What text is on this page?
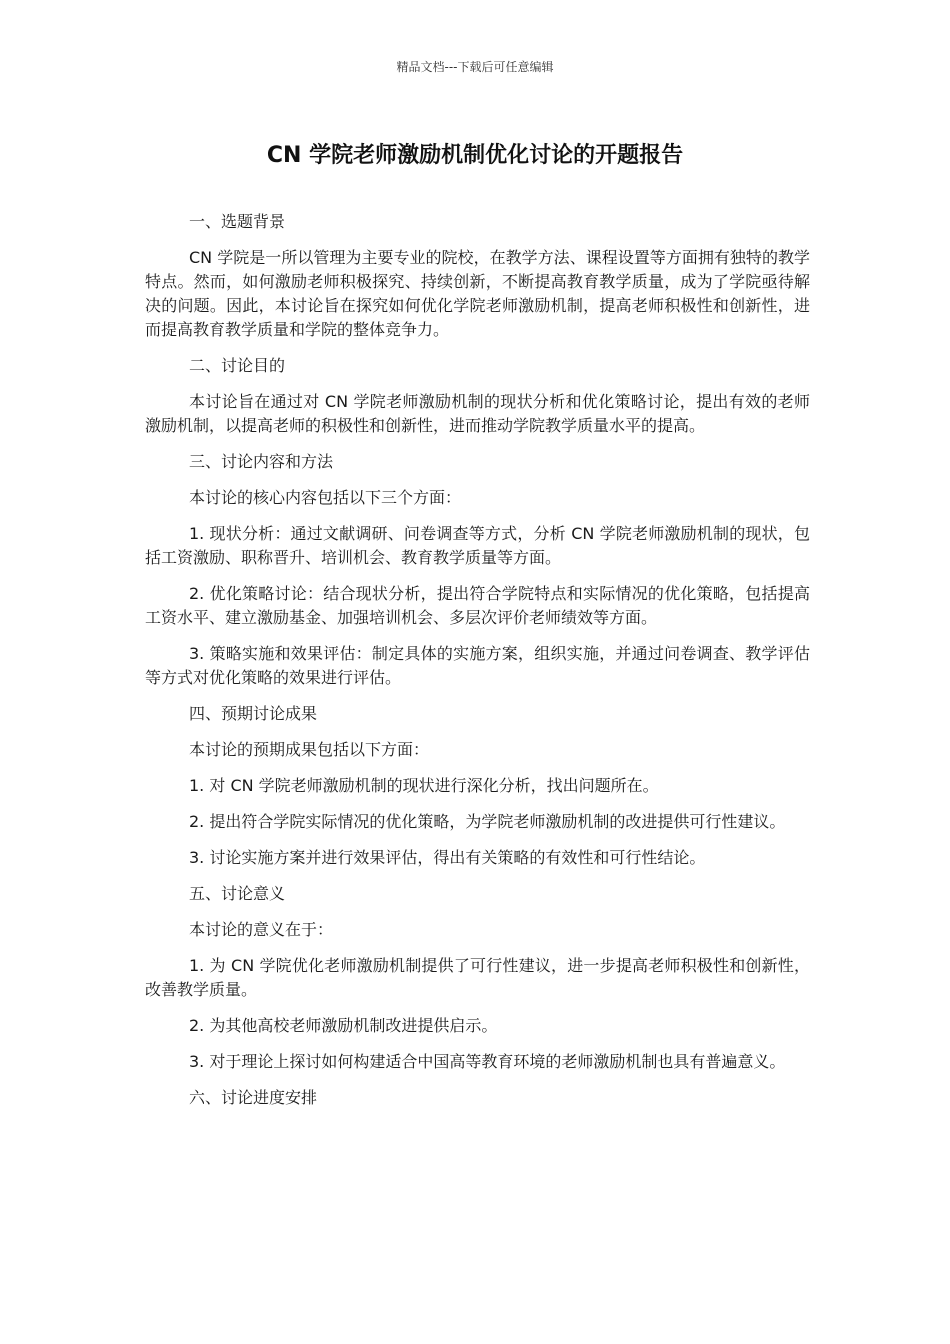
精品文档---下载后可任意编辑
CN 学院老师激励机制优化讨论的开题报告

一、选题背景

CN 学院是一所以管理为主要专业的院校，在教学方法、课程设置等方面拥有独特的教学特点。然而，如何激励老师积极探究、持续创新，不断提高教育教学质量，成为了学院亟待解决的问题。因此，本讨论旨在探究如何优化学院老师激励机制，提高老师积极性和创新性，进而提高教育教学质量和学院的整体竞争力。

二、讨论目的

本讨论旨在通过对 CN 学院老师激励机制的现状分析和优化策略讨论，提出有效的老师激励机制，以提高老师的积极性和创新性，进而推动学院教学质量水平的提高。

三、讨论内容和方法

本讨论的核心内容包括以下三个方面：

1. 现状分析：通过文献调研、问卷调查等方式，分析 CN 学院老师激励机制的现状，包括工资激励、职称晋升、培训机会、教育教学质量等方面。

2. 优化策略讨论：结合现状分析，提出符合学院特点和实际情况的优化策略，包括提高工资水平、建立激励基金、加强培训机会、多层次评价老师绩效等方面。

3. 策略实施和效果评估：制定具体的实施方案，组织实施，并通过问卷调查、教学评估等方式对优化策略的效果进行评估。

四、预期讨论成果

本讨论的预期成果包括以下方面：

1. 对 CN 学院老师激励机制的现状进行深化分析，找出问题所在。

2. 提出符合学院实际情况的优化策略，为学院老师激励机制的改进提供可行性建议。

3. 讨论实施方案并进行效果评估，得出有关策略的有效性和可行性结论。

五、讨论意义

本讨论的意义在于：

1. 为 CN 学院优化老师激励机制提供了可行性建议，进一步提高老师积极性和创新性，改善教学质量。

2. 为其他高校老师激励机制改进提供启示。

3. 对于理论上探讨如何构建适合中国高等教育环境的老师激励机制也具有普遍意义。

六、讨论进度安排
